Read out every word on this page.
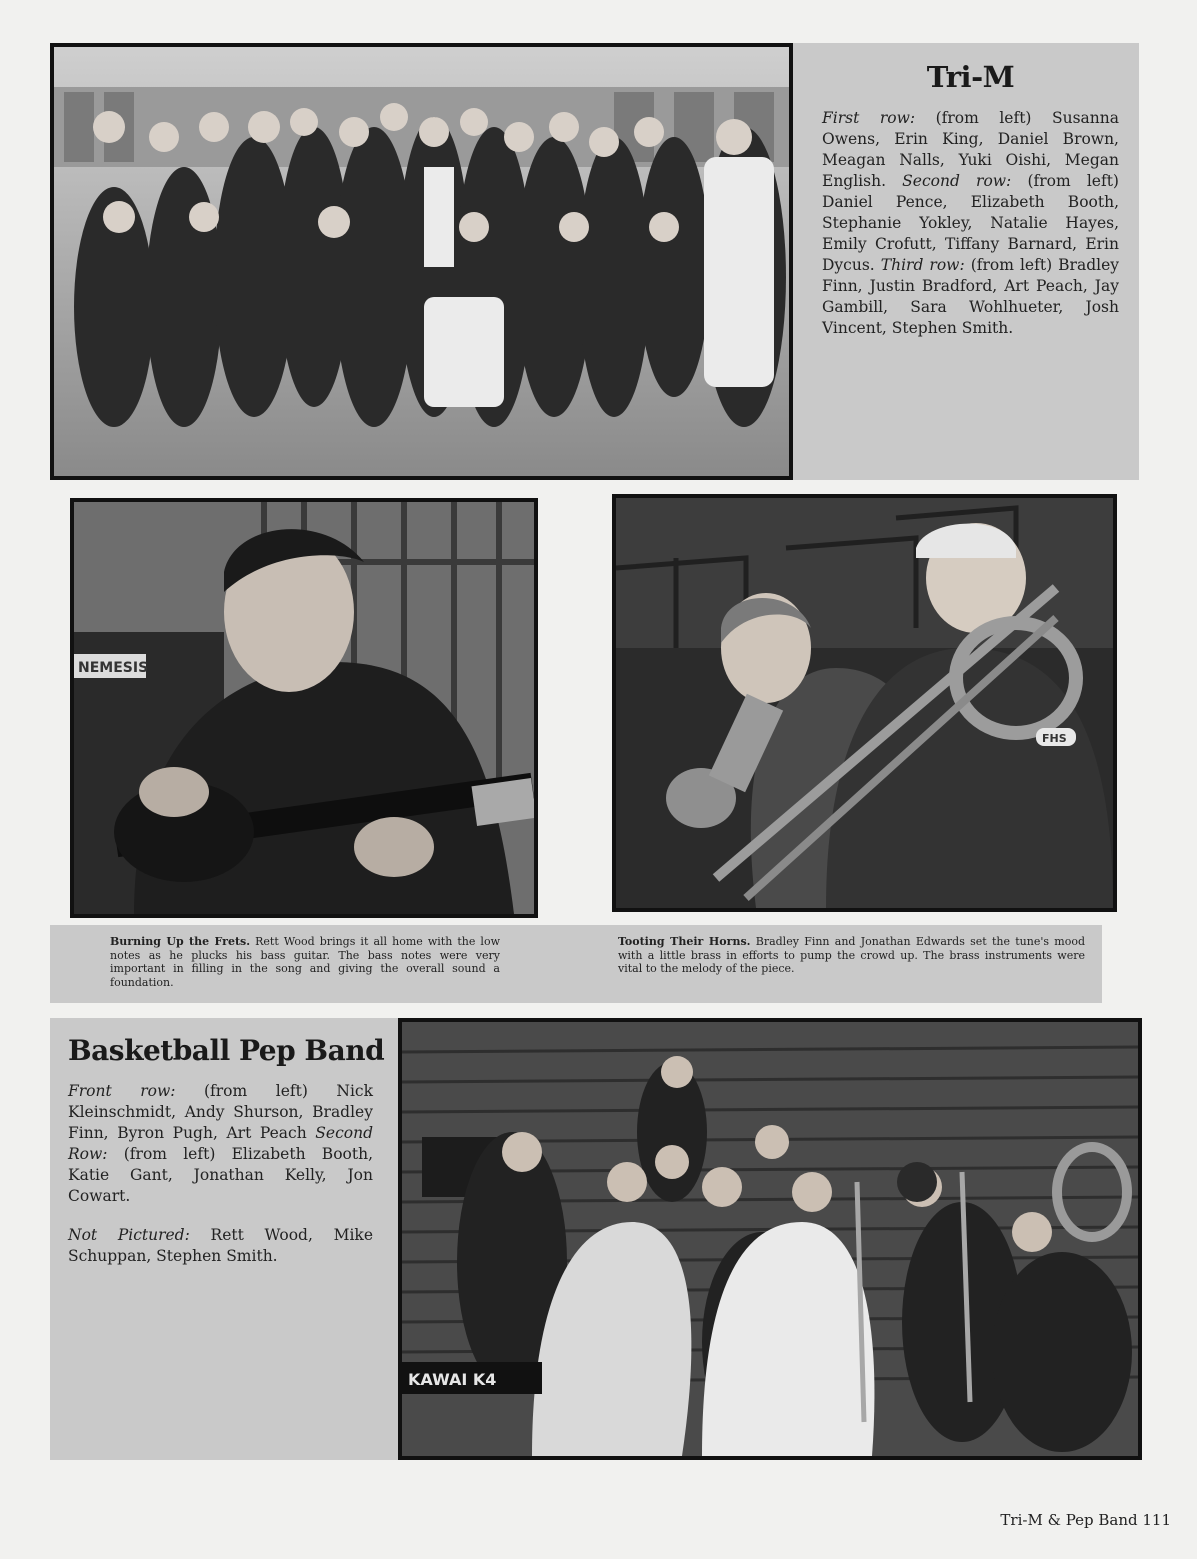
Tri-M
First row: (from left) Susanna Owens, Erin King, Daniel Brown, Meagan Nalls, Yuki Oishi, Megan English. Second row: (from left) Daniel Pence, Elizabeth Booth, Stephanie Yokley, Natalie Hayes, Emily Crofutt, Tiffany Barnard, Erin Dycus. Third row: (from left) Bradley Finn, Justin Bradford, Art Peach, Jay Gambill, Sara Wohlhueter, Josh Vincent, Stephen Smith.
NEMESIS
FHS
Burning Up the Frets. Rett Wood brings it all home with the low notes as he plucks his bass guitar. The bass notes were very important in filling in the song and giving the overall sound a foundation.
Tooting Their Horns. Bradley Finn and Jonathan Edwards set the tune's mood with a little brass in efforts to pump the crowd up. The brass instruments were vital to the melody of the piece.
Basketball Pep Band
Front row: (from left) Nick Kleinschmidt, Andy Shurson, Bradley Finn, Byron Pugh, Art Peach Second Row: (from left) Elizabeth Booth, Katie Gant, Jonathan Kelly, Jon Cowart.
Not Pictured: Rett Wood, Mike Schuppan, Stephen Smith.
KAWAI K4
Tri-M & Pep Band 111
